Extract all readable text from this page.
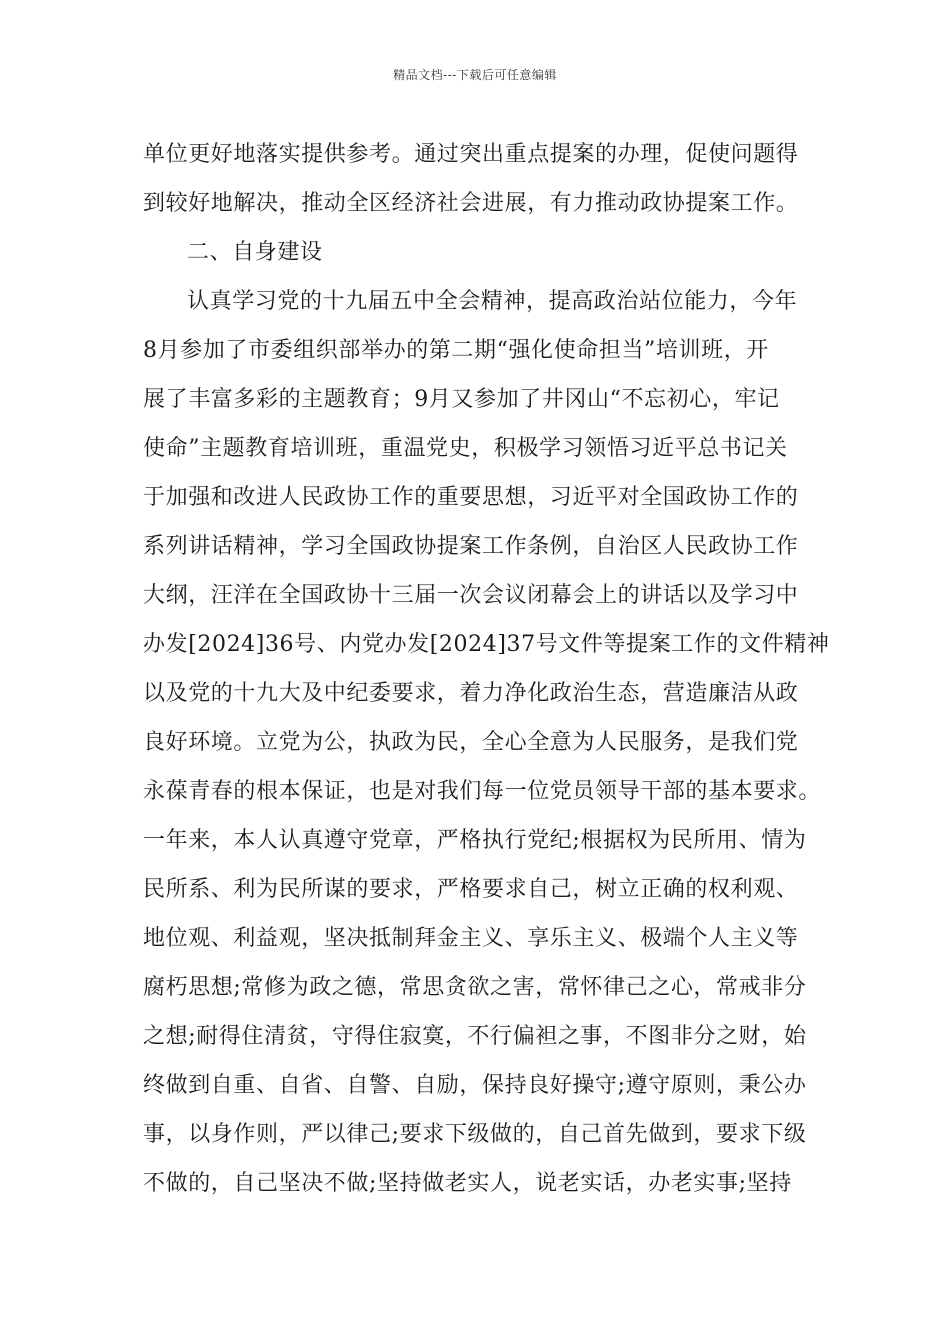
精品文档---下载后可任意编辑
单位更好地落实提供参考。通过突出重点提案的办理，促使问题得
到较好地解决，推动全区经济社会进展，有力推动政协提案工作。
二、自身建设
认真学习党的十九届五中全会精神，提高政治站位能力，今年
8月参加了市委组织部举办的第二期“强化使命担当”培训班，开
展了丰富多彩的主题教育；9月又参加了井冈山“不忘初心，牢记
使命”主题教育培训班，重温党史，积极学习领悟习近平总书记关
于加强和改进人民政协工作的重要思想，习近平对全国政协工作的
系列讲话精神，学习全国政协提案工作条例，自治区人民政协工作
大纲，汪洋在全国政协十三届一次会议闭幕会上的讲话以及学习中
办发[2024]36号、内党办发[2024]37号文件等提案工作的文件精神
以及党的十九大及中纪委要求，着力净化政治生态，营造廉洁从政
良好环境。立党为公，执政为民，全心全意为人民服务，是我们党
永葆青春的根本保证，也是对我们每一位党员领导干部的基本要求。
一年来，本人认真遵守党章，严格执行党纪;根据权为民所用、情为
民所系、利为民所谋的要求，严格要求自己，树立正确的权利观、
地位观、利益观，坚决抵制拜金主义、享乐主义、极端个人主义等
腐朽思想;常修为政之德，常思贪欲之害，常怀律己之心，常戒非分
之想;耐得住清贫，守得住寂寞，不行偏袒之事，不图非分之财，始
终做到自重、自省、自警、自励，保持良好操守;遵守原则，秉公办
事，以身作则，严以律己;要求下级做的，自己首先做到，要求下级
不做的，自己坚决不做;坚持做老实人，说老实话，办老实事;坚持
